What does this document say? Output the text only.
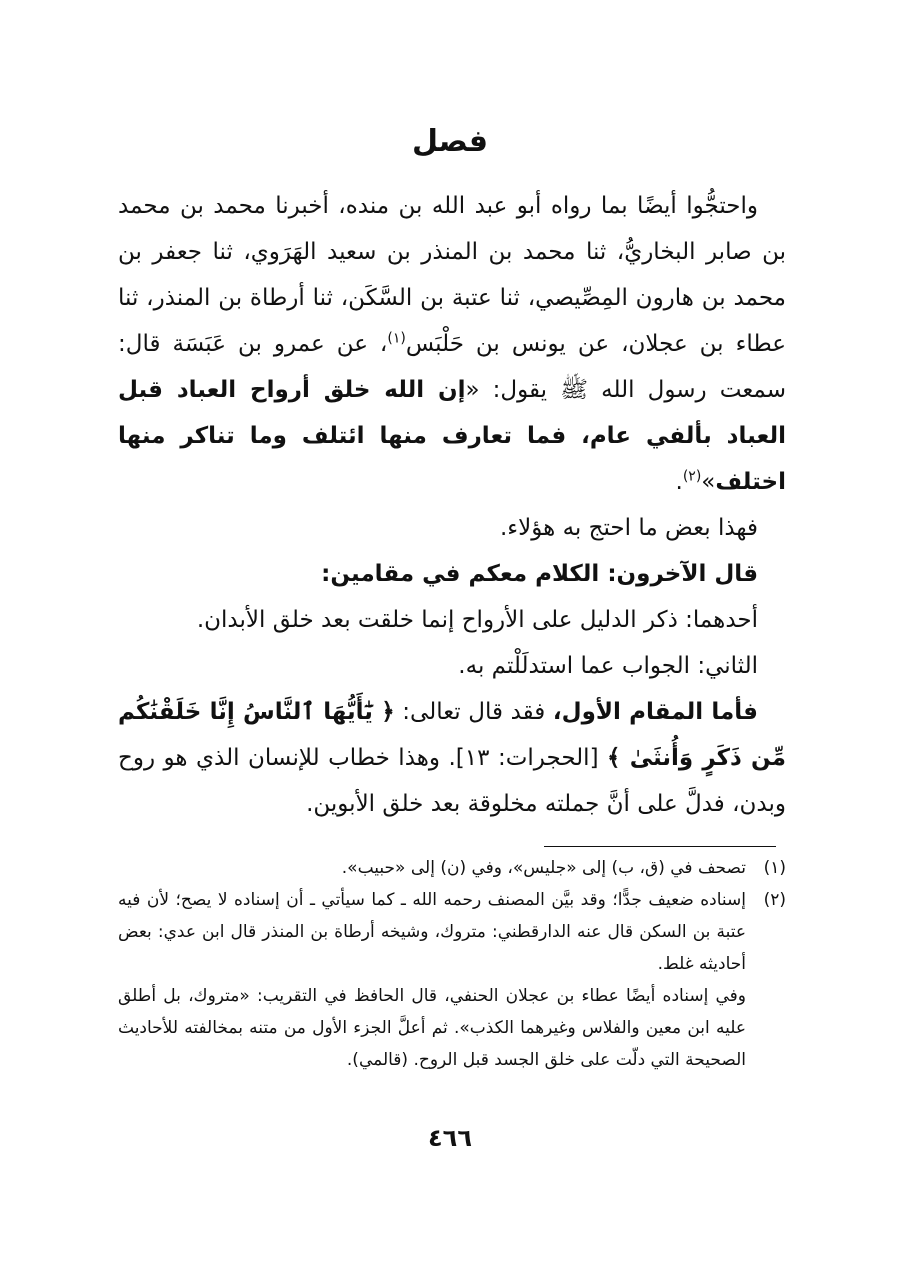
فصل

واحتجُّوا أيضًا بما رواه أبو عبد الله بن منده، أخبرنا محمد بن محمد بن صابر البخاريُّ، ثنا محمد بن المنذر بن سعيد الهَرَوي، ثنا جعفر بن محمد بن هارون المِصِّيصي، ثنا عتبة بن السَّكَن، ثنا أرطاة بن المنذر، ثنا عطاء بن عجلان، عن يونس بن حَلْبَس$^{(١)}$، عن عمرو بن عَبَسَة قال: سمعت رسول الله ﷺ يقول: «إن الله خلق أرواح العباد قبل العباد بألفي عام، فما تعارف منها ائتلف وما تناكر منها اختلف»$^{(٢)}$.

فهذا بعض ما احتج به هؤلاء.

قال الآخرون: الكلام معكم في مقامين:

أحدهما: ذكر الدليل على الأرواح إنما خلقت بعد خلق الأبدان.

الثاني: الجواب عما استدلَلْتم به.

فأما المقام الأول، فقد قال تعالى: ﴿ يَٰٓأَيُّهَا ٱلنَّاسُ إِنَّا خَلَقْنَٰكُم مِّن ذَكَرٍ وَأُنثَىٰ ﴾ [الحجرات: ١٣]. وهذا خطاب للإنسان الذي هو روح وبدن، فدلَّ على أنَّ جملته مخلوقة بعد خلق الأبوين.

(١)
تصحف في (ق، ب) إلى «جليس»، وفي (ن) إلى «حبيب».

(٢)
إسناده ضعيف جدًّا؛ وقد بيَّن المصنف رحمه الله ـ كما سيأتي ـ أن إسناده لا يصح؛ لأن فيه عتبة بن السكن قال عنه الدارقطني: متروك، وشيخه أرطاة بن المنذر قال ابن عدي: بعض أحاديثه غلط.

وفي إسناده أيضًا عطاء بن عجلان الحنفي، قال الحافظ في التقريب: «متروك، بل أطلق عليه ابن معين والفلاس وغيرهما الكذب». ثم أعلَّ الجزء الأول من متنه بمخالفته للأحاديث الصحيحة التي دلّت على خلق الجسد قبل الروح. (قالمي).

٤٦٦
